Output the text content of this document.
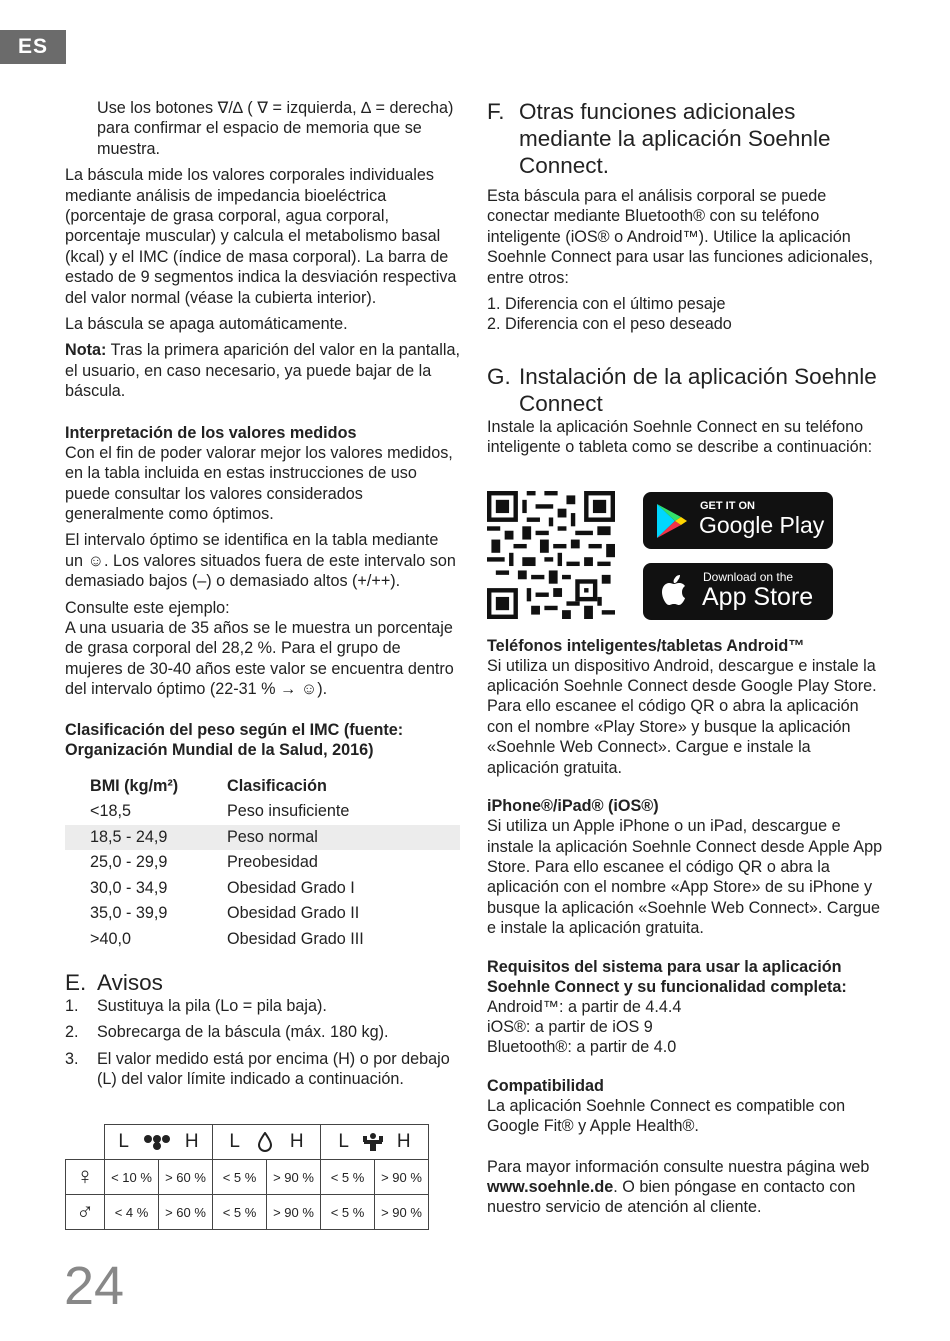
ES

Use los botones ∇/∆ ( ∇ = izquierda, ∆ = derecha) para confirmar el espacio de memoria que se muestra.

La báscula mide los valores corporales individuales mediante análisis de impedancia bioeléctrica (porcentaje de grasa corporal, agua corporal, porcentaje muscular) y calcula el metabolismo basal (kcal) y el IMC (índice de masa corporal). La barra de estado de 9 segmentos indica la desviación respectiva del valor normal (véase la cubierta interior).

La báscula se apaga automáticamente.

Nota: Tras la primera aparición del valor en la pantalla, el usuario, en caso necesario, ya puede bajar de la báscula.

Interpretación de los valores medidos

Con el fin de poder valorar mejor los valores medidos, en la tabla incluida en estas instrucciones de uso puede consultar los valores considerados generalmente como óptimos.

El intervalo óptimo se identifica en la tabla mediante un ☺. Los valores situados fuera de este intervalo son demasiado bajos (–) o demasiado altos (+/++).

Consulte este ejemplo:

A una usuaria de 35 años se le muestra un porcentaje de grasa corporal del 28,2 %. Para el grupo de mujeres de 30-40 años este valor se encuentra dentro del intervalo óptimo (22-31 % → ☺).

Clasificación del peso según el IMC (fuente: Organización Mundial de la Salud, 2016)

BMI (kg/m²)	Clasificación
<18,5	Peso insuficiente
18,5 - 24,9	Peso normal
25,0 - 29,9	Preobesidad
30,0 - 34,9	Obesidad Grado I
35,0 - 39,9	Obesidad Grado II
>40,0	Obesidad Grado III
E. Avisos
1.	Sustituya la pila (Lo = pila baja).
2.	Sobrecarga de la báscula (máx. 180 kg).
3.	El valor medido está por encima (H) o por debajo (L) del valor límite indicado a continuación.
	L H		L H		L H	
♀	< 10 %	> 60 %	< 5 %	> 90 %	< 5 %	> 90 %
♂	< 4 %	> 60 %	< 5 %	> 90 %	< 5 %	> 90 %
24
F. Otras funciones adicionales mediante la aplicación Soehnle Connect.

Esta báscula para el análisis corporal se puede conectar mediante Bluetooth® con su teléfono inteligente (iOS® o Android™). Utilice la aplicación Soehnle Connect para usar las funciones adicionales, entre otros:

1. Diferencia con el último pesaje

2. Diferencia con el peso deseado

G. Instalación de la aplicación Soehnle Connect

Instale la aplicación Soehnle Connect en su teléfono inteligente o tableta como se describe a continuación:

Teléfonos inteligentes/tabletas Android™

Si utiliza un dispositivo Android, descargue e instale la aplicación Soehnle Connect desde Google Play Store. Para ello escanee el código QR o abra la aplicación con el nombre «Play Store» y busque la aplicación «Soehnle Web Connect». Cargue e instale la aplicación gratuita.

iPhone®/iPad® (iOS®)

Si utiliza un Apple iPhone o un iPad, descargue e instale la aplicación Soehnle Connect desde Apple App Store. Para ello escanee el código QR o abra la aplicación con el nombre «App Store» de su iPhone y busque la aplicación «Soehnle Web Connect». Cargue e instale la aplicación gratuita.

Requisitos del sistema para usar la aplicación Soehnle Connect y su funcionalidad completa:

Android™: a partir de 4.4.4

iOS®: a partir de iOS 9

Bluetooth®: a partir de 4.0

Compatibilidad

La aplicación Soehnle Connect es compatible con Google Fit® y Apple Health®.

Para mayor información consulte nuestra página web www.soehnle.de. O bien póngase en contacto con nuestro servicio de atención al cliente.

GET IT ON
Google Play
Download on the
App Store
